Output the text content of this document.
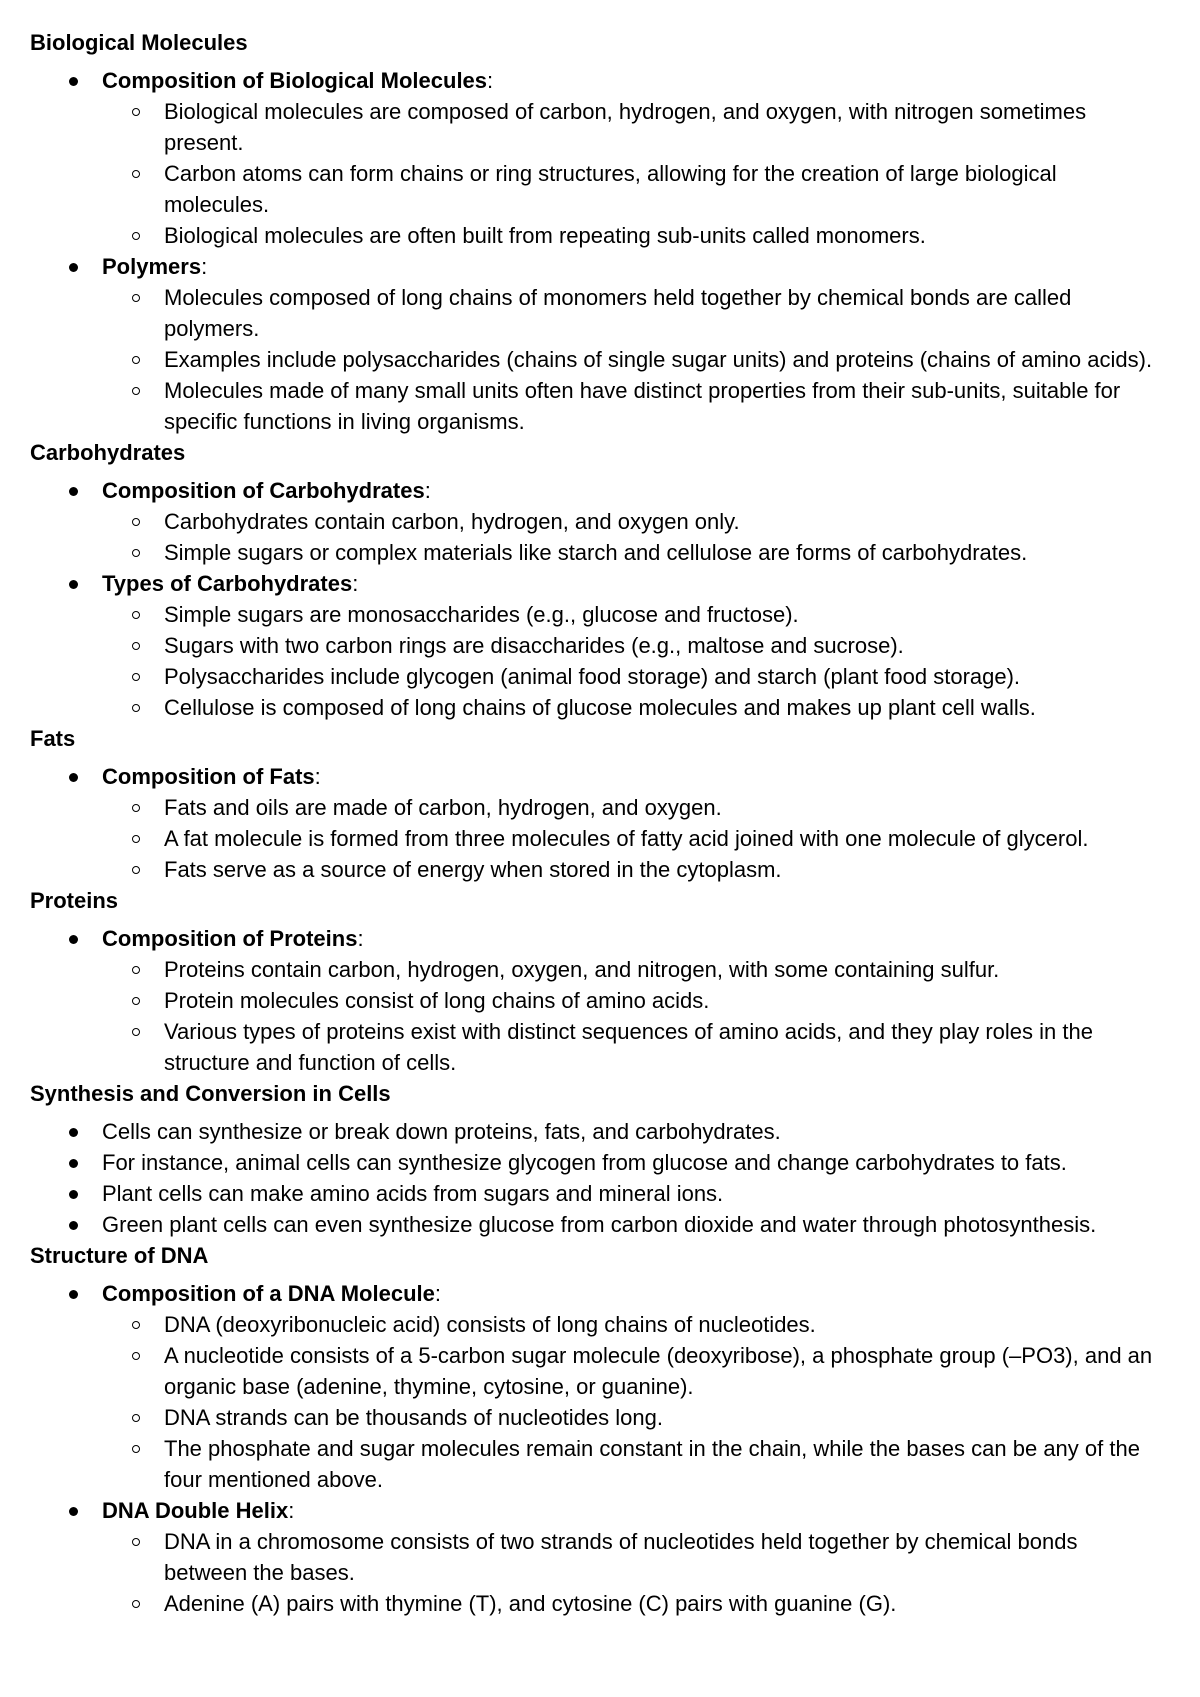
Biological Molecules
Composition of Biological Molecules:
Biological molecules are composed of carbon, hydrogen, and oxygen, with nitrogen sometimes present.
Carbon atoms can form chains or ring structures, allowing for the creation of large biological molecules.
Biological molecules are often built from repeating sub-units called monomers.
Polymers:
Molecules composed of long chains of monomers held together by chemical bonds are called polymers.
Examples include polysaccharides (chains of single sugar units) and proteins (chains of amino acids).
Molecules made of many small units often have distinct properties from their sub-units, suitable for specific functions in living organisms.
Carbohydrates
Composition of Carbohydrates:
Carbohydrates contain carbon, hydrogen, and oxygen only.
Simple sugars or complex materials like starch and cellulose are forms of carbohydrates.
Types of Carbohydrates:
Simple sugars are monosaccharides (e.g., glucose and fructose).
Sugars with two carbon rings are disaccharides (e.g., maltose and sucrose).
Polysaccharides include glycogen (animal food storage) and starch (plant food storage).
Cellulose is composed of long chains of glucose molecules and makes up plant cell walls.
Fats
Composition of Fats:
Fats and oils are made of carbon, hydrogen, and oxygen.
A fat molecule is formed from three molecules of fatty acid joined with one molecule of glycerol.
Fats serve as a source of energy when stored in the cytoplasm.
Proteins
Composition of Proteins:
Proteins contain carbon, hydrogen, oxygen, and nitrogen, with some containing sulfur.
Protein molecules consist of long chains of amino acids.
Various types of proteins exist with distinct sequences of amino acids, and they play roles in the structure and function of cells.
Synthesis and Conversion in Cells
Cells can synthesize or break down proteins, fats, and carbohydrates.
For instance, animal cells can synthesize glycogen from glucose and change carbohydrates to fats.
Plant cells can make amino acids from sugars and mineral ions.
Green plant cells can even synthesize glucose from carbon dioxide and water through photosynthesis.
Structure of DNA
Composition of a DNA Molecule:
DNA (deoxyribonucleic acid) consists of long chains of nucleotides.
A nucleotide consists of a 5-carbon sugar molecule (deoxyribose), a phosphate group (–PO3), and an organic base (adenine, thymine, cytosine, or guanine).
DNA strands can be thousands of nucleotides long.
The phosphate and sugar molecules remain constant in the chain, while the bases can be any of the four mentioned above.
DNA Double Helix:
DNA in a chromosome consists of two strands of nucleotides held together by chemical bonds between the bases.
Adenine (A) pairs with thymine (T), and cytosine (C) pairs with guanine (G).
